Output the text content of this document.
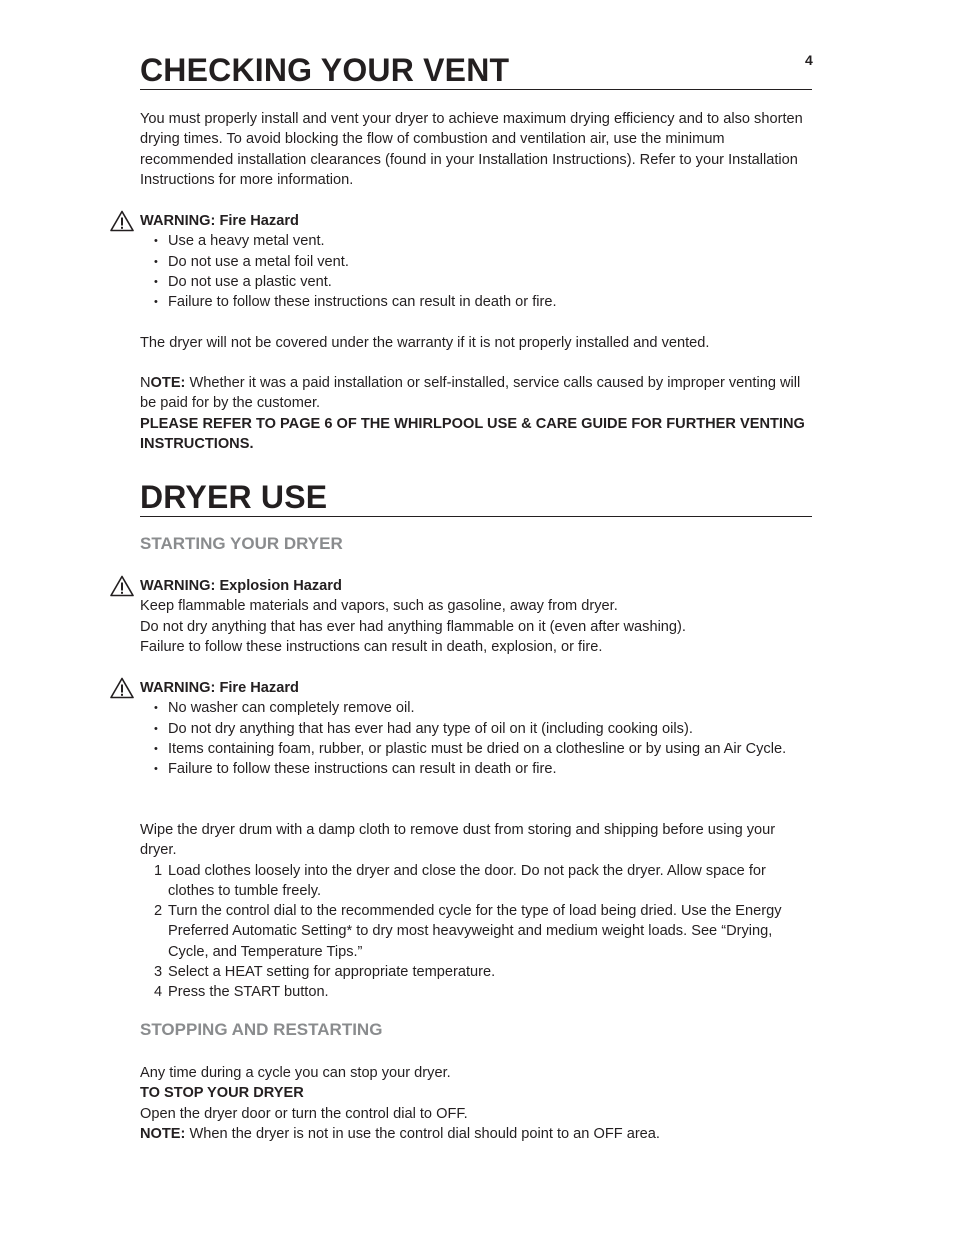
4
CHECKING YOUR VENT

You must properly install and vent your dryer to achieve maximum drying efficiency and to also shorten drying times. To avoid blocking the flow of combustion and ventilation air, use the minimum recommended installation clearances (found in your Installation Instructions). Refer to your Installation Instructions for more information.

WARNING: Fire Hazard
• Use a heavy metal vent.
• Do not use a metal foil vent.
• Do not use a plastic vent.
• Failure to follow these instructions can result in death or fire.

The dryer will not be covered under the warranty if it is not properly installed and vented.

NOTE: Whether it was a paid installation or self-installed, service calls caused by improper venting will be paid for by the customer.

PLEASE REFER TO PAGE 6 OF THE WHIRLPOOL USE & CARE GUIDE FOR FURTHER VENTING INSTRUCTIONS.

DRYER USE
STARTING YOUR DRYER
WARNING: Explosion Hazard
Keep flammable materials and vapors, such as gasoline, away from dryer.
Do not dry anything that has ever had anything flammable on it (even after washing).
Failure to follow these instructions can result in death, explosion, or fire.
WARNING: Fire Hazard
• No washer can completely remove oil.
• Do not dry anything that has ever had any type of oil on it (including cooking oils).
• Items containing foam, rubber, or plastic must be dried on a clothesline or by using an Air Cycle.
• Failure to follow these instructions can result in death or fire.

Wipe the dryer drum with a damp cloth to remove dust from storing and shipping before using your dryer.

1 Load clothes loosely into the dryer and close the door. Do not pack the dryer. Allow space for clothes to tumble freely.
2 Turn the control dial to the recommended cycle for the type of load being dried. Use the Energy Preferred Automatic Setting* to dry most heavyweight and medium weight loads. See “Drying, Cycle, and Temperature Tips.”
3 Select a HEAT setting for appropriate temperature.
4 Press the START button.
STOPPING AND RESTARTING

Any time during a cycle you can stop your dryer.

TO STOP YOUR DRYER

Open the dryer door or turn the control dial to OFF.

NOTE: When the dryer is not in use the control dial should point to an OFF area.
